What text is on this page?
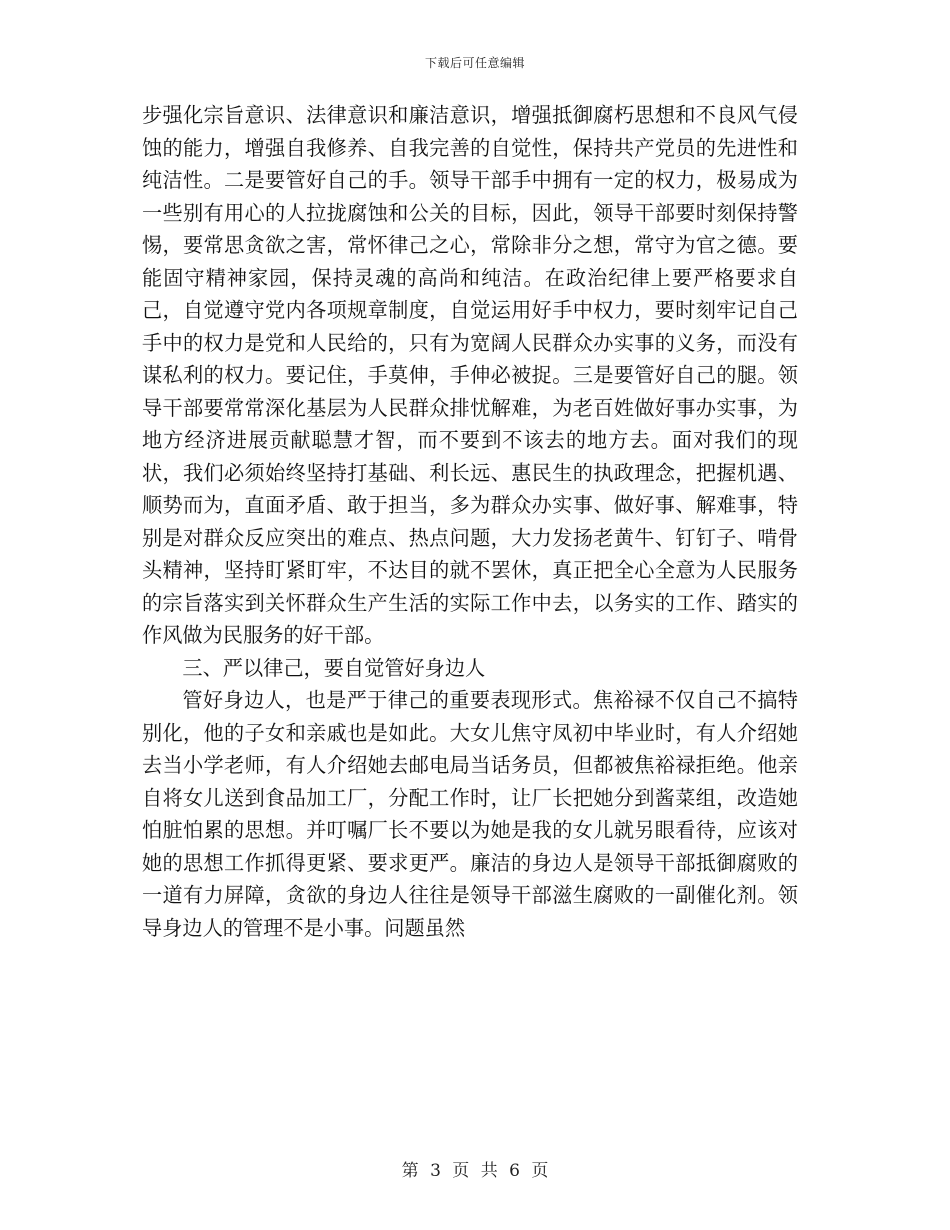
下载后可任意编辑

步强化宗旨意识、法律意识和廉洁意识，增强抵御腐朽思想和不良风气侵蚀的能力，增强自我修养、自我完善的自觉性，保持共产党员的先进性和纯洁性。二是要管好自己的手。领导干部手中拥有一定的权力，极易成为一些别有用心的人拉拢腐蚀和公关的目标，因此，领导干部要时刻保持警惕，要常思贪欲之害，常怀律己之心，常除非分之想，常守为官之德。要能固守精神家园，保持灵魂的高尚和纯洁。在政治纪律上要严格要求自己，自觉遵守党内各项规章制度，自觉运用好手中权力，要时刻牢记自己手中的权力是党和人民给的，只有为宽阔人民群众办实事的义务，而没有谋私利的权力。要记住，手莫伸，手伸必被捉。三是要管好自己的腿。领导干部要常常深化基层为人民群众排忧解难，为老百姓做好事办实事，为地方经济进展贡献聪慧才智，而不要到不该去的地方去。面对我们的现状，我们必须始终坚持打基础、利长远、惠民生的执政理念，把握机遇、顺势而为，直面矛盾、敢于担当，多为群众办实事、做好事、解难事，特别是对群众反应突出的难点、热点问题，大力发扬老黄牛、钉钉子、啃骨头精神，坚持盯紧盯牢，不达目的就不罢休，真正把全心全意为人民服务的宗旨落实到关怀群众生产生活的实际工作中去，以务实的工作、踏实的作风做为民服务的好干部。

三、严以律己，要自觉管好身边人

管好身边人，也是严于律己的重要表现形式。焦裕禄不仅自己不搞特别化，他的子女和亲戚也是如此。大女儿焦守凤初中毕业时，有人介绍她去当小学老师，有人介绍她去邮电局当话务员，但都被焦裕禄拒绝。他亲自将女儿送到食品加工厂，分配工作时，让厂长把她分到酱菜组，改造她怕脏怕累的思想。并叮嘱厂长不要以为她是我的女儿就另眼看待，应该对她的思想工作抓得更紧、要求更严。廉洁的身边人是领导干部抵御腐败的一道有力屏障，贪欲的身边人往往是领导干部滋生腐败的一副催化剂。领导身边人的管理不是小事。问题虽然

第 3 页 共 6 页
